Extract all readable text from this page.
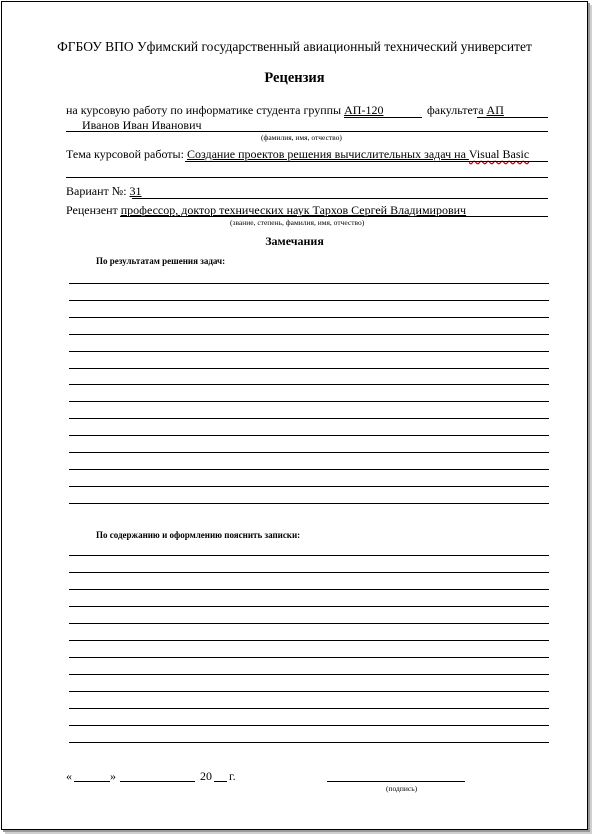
ФГБОУ ВПО Уфимский государственный авиационный технический университет
Рецензия
на курсовую работу по информатике студента группы АП-120	факультета АП
Иванов Иван Иванович
(фамилия, имя, отчество)
Тема курсовой работы: Создание проектов решения вычислительных задач на Visual Basic
Вариант №: 31
Рецензент профессор, доктор технических наук Тархов Сергей Владимирович
(звание, степень, фамилия, имя, отчество)
Замечания
По результатам решения задач:
По содержанию и оформлению пояснить записки:
«	»	20 г.
(подпись)
